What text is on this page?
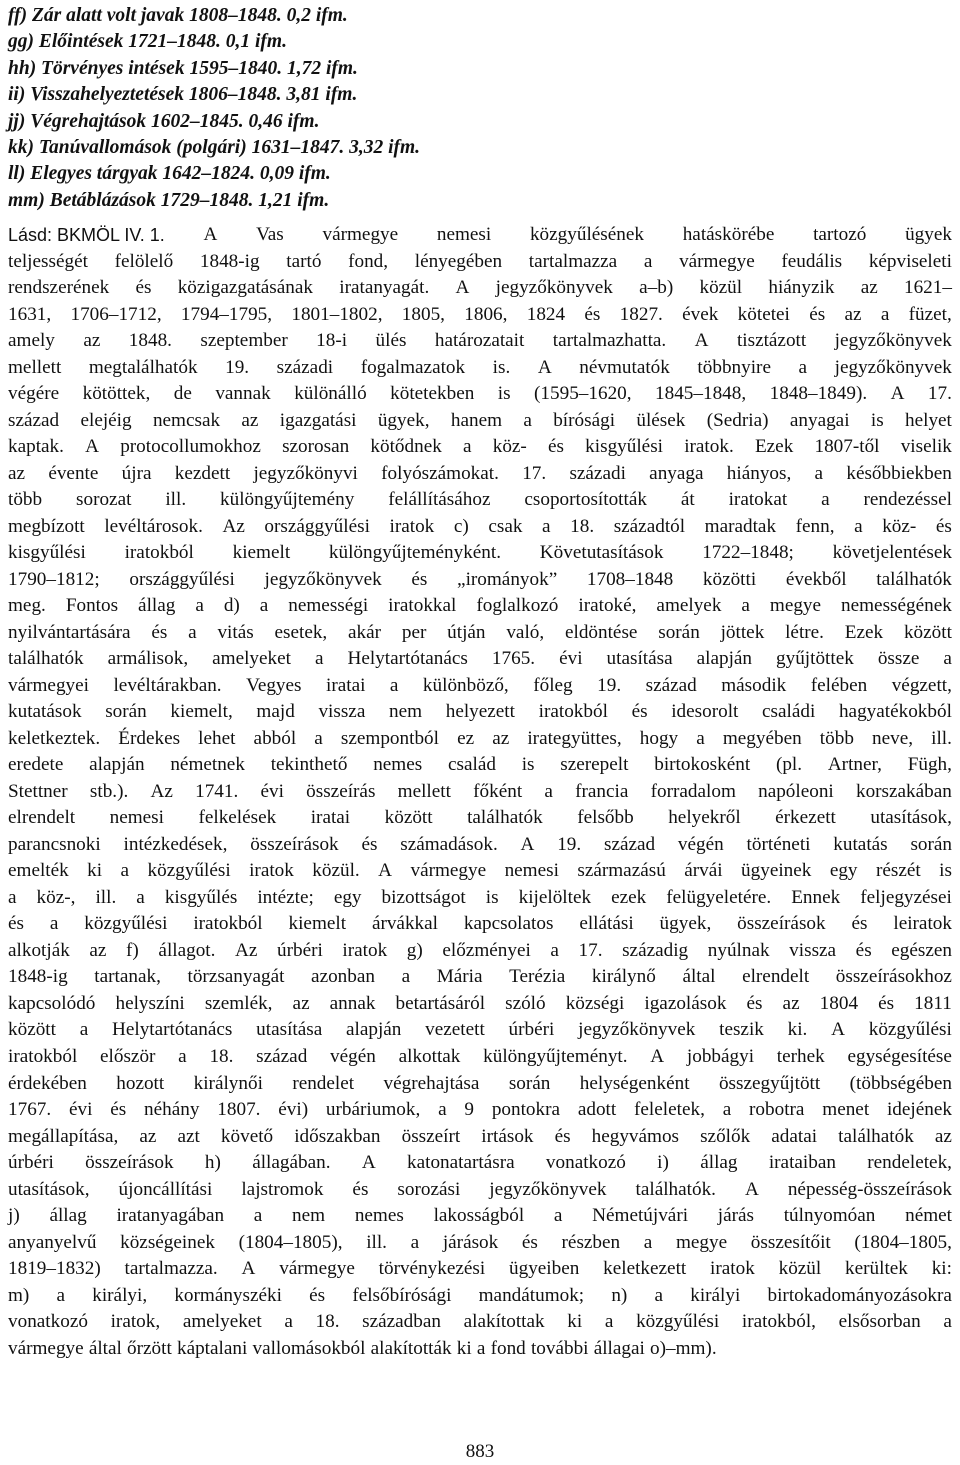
ff) Zár alatt volt javak 1808–1848. 0,2 ifm.
gg) Előintések 1721–1848. 0,1 ifm.
hh) Törvényes intések 1595–1840. 1,72 ifm.
ii) Visszahelyeztetések 1806–1848. 3,81 ifm.
jj) Végrehajtások 1602–1845. 0,46 ifm.
kk) Tanúvallomások (polgári) 1631–1847. 3,32 ifm.
ll) Elegyes tárgyak 1642–1824. 0,09 ifm.
mm) Betáblázások 1729–1848. 1,21 ifm.
Lásd: BKMÖL IV. 1. A Vas vármegye nemesi közgyűlésének hatáskörébe tartozó ügyek
teljességét felölelő 1848-ig tartó fond, lényegében tartalmazza a vármegye feudális képviseleti
rendszerének és közigazgatásának iratanyagát. A jegyzőkönyvek a–b) közül hiányzik az 1621–
1631, 1706–1712, 1794–1795, 1801–1802, 1805, 1806, 1824 és 1827. évek kötetei és az a füzet,
amely az 1848. szeptember 18-i ülés határozatait tartalmazhatta. A tisztázott jegyzőkönyvek
mellett megtalálhatók 19. századi fogalmazatok is. A névmutatók többnyire a jegyzőkönyvek
végére kötöttek, de vannak különálló kötetekben is (1595–1620, 1845–1848, 1848–1849). A 17.
század elejéig nemcsak az igazgatási ügyek, hanem a bírósági ülések (Sedria) anyagai is helyet
kaptak. A protocollumokhoz szorosan kötődnek a köz- és kisgyűlési iratok. Ezek 1807-től viselik
az évente újra kezdett jegyzőkönyvi folyószámokat. 17. századi anyaga hiányos, a későbbiekben
több sorozat ill. különgyűjtemény felállításához csoportosították át iratokat a rendezéssel
megbízott levéltárosok. Az országgyűlési iratok c) csak a 18. századtól maradtak fenn, a köz- és
kisgyűlési iratokból kiemelt különgyűjteményként. Követutasítások 1722–1848; követjelentések
1790–1812; országgyűlési jegyzőkönyvek és „irományok” 1708–1848 közötti évekből találhatók
meg. Fontos állag a d) a nemességi iratokkal foglalkozó iratoké, amelyek a megye nemességének
nyilvántartására és a vitás esetek, akár per útján való, eldöntése során jöttek létre. Ezek között
találhatók armálisok, amelyeket a Helytartótanács 1765. évi utasítása alapján gyűjtöttek össze a
vármegyei levéltárakban. Vegyes iratai a különböző, főleg 19. század második felében végzett,
kutatások során kiemelt, majd vissza nem helyezett iratokból és idesorolt családi hagyatékokból
keletkeztek. Érdekes lehet abból a szempontból ez az irategyüttes, hogy a megyében több neve, ill.
eredete alapján németnek tekinthető nemes család is szerepelt birtokosként (pl. Artner, Fügh,
Stettner stb.). Az 1741. évi összeírás mellett főként a francia forradalom napóleoni korszakában
elrendelt nemesi felkelések iratai között találhatók felsőbb helyekről érkezett utasítások,
parancsnoki intézkedések, összeírások és számadások. A 19. század végén történeti kutatás során
emelték ki a közgyűlési iratok közül. A vármegye nemesi származású árvái ügyeinek egy részét is
a köz-, ill. a kisgyűlés intézte; egy bizottságot is kijelöltek ezek felügyeletére. Ennek feljegyzései
és a közgyűlési iratokból kiemelt árvákkal kapcsolatos ellátási ügyek, összeírások és leiratok
alkotják az f) állagot. Az úrbéri iratok g) előzményei a 17. századig nyúlnak vissza és egészen
1848-ig tartanak, törzsanyagát azonban a Mária Terézia királynő által elrendelt összeírásokhoz
kapcsolódó helyszíni szemlék, az annak betartásáról szóló községi igazolások és az 1804 és 1811
között a Helytartótanács utasítása alapján vezetett úrbéri jegyzőkönyvek teszik ki. A közgyűlési
iratokból először a 18. század végén alkottak különgyűjteményt. A jobbágyi terhek egységesítése
érdekében hozott királynői rendelet végrehajtása során helységenként összegyűjtött (többségében
1767. évi és néhány 1807. évi) urbáriumok, a 9 pontokra adott feleletek, a robotra menet idejének
megállapítása, az azt követő időszakban összeírt irtások és hegyvámos szőlők adatai találhatók az
úrbéri összeírások h) állagában. A katonatartásra vonatkozó i) állag irataiban rendeletek,
utasítások, újoncállítási lajstromok és sorozási jegyzőkönyvek találhatók. A népesség-összeírások
j) állag iratanyagában a nem nemes lakosságból a Németújvári járás túlnyomóan német
anyanyelvű községeinek (1804–1805), ill. a járások és részben a megye összesítőit (1804–1805,
1819–1832) tartalmazza. A vármegye törvénykezési ügyeiben keletkezett iratok közül kerültek ki:
m) a királyi, kormányszéki és felsőbírósági mandátumok; n) a királyi birtokadományozásokra
vonatkozó iratok, amelyeket a 18. században alakítottak ki a közgyűlési iratokból, elsősorban a
vármegye által őrzött káptalani vallomásokból alakították ki a fond további állagai o)–mm).
883
